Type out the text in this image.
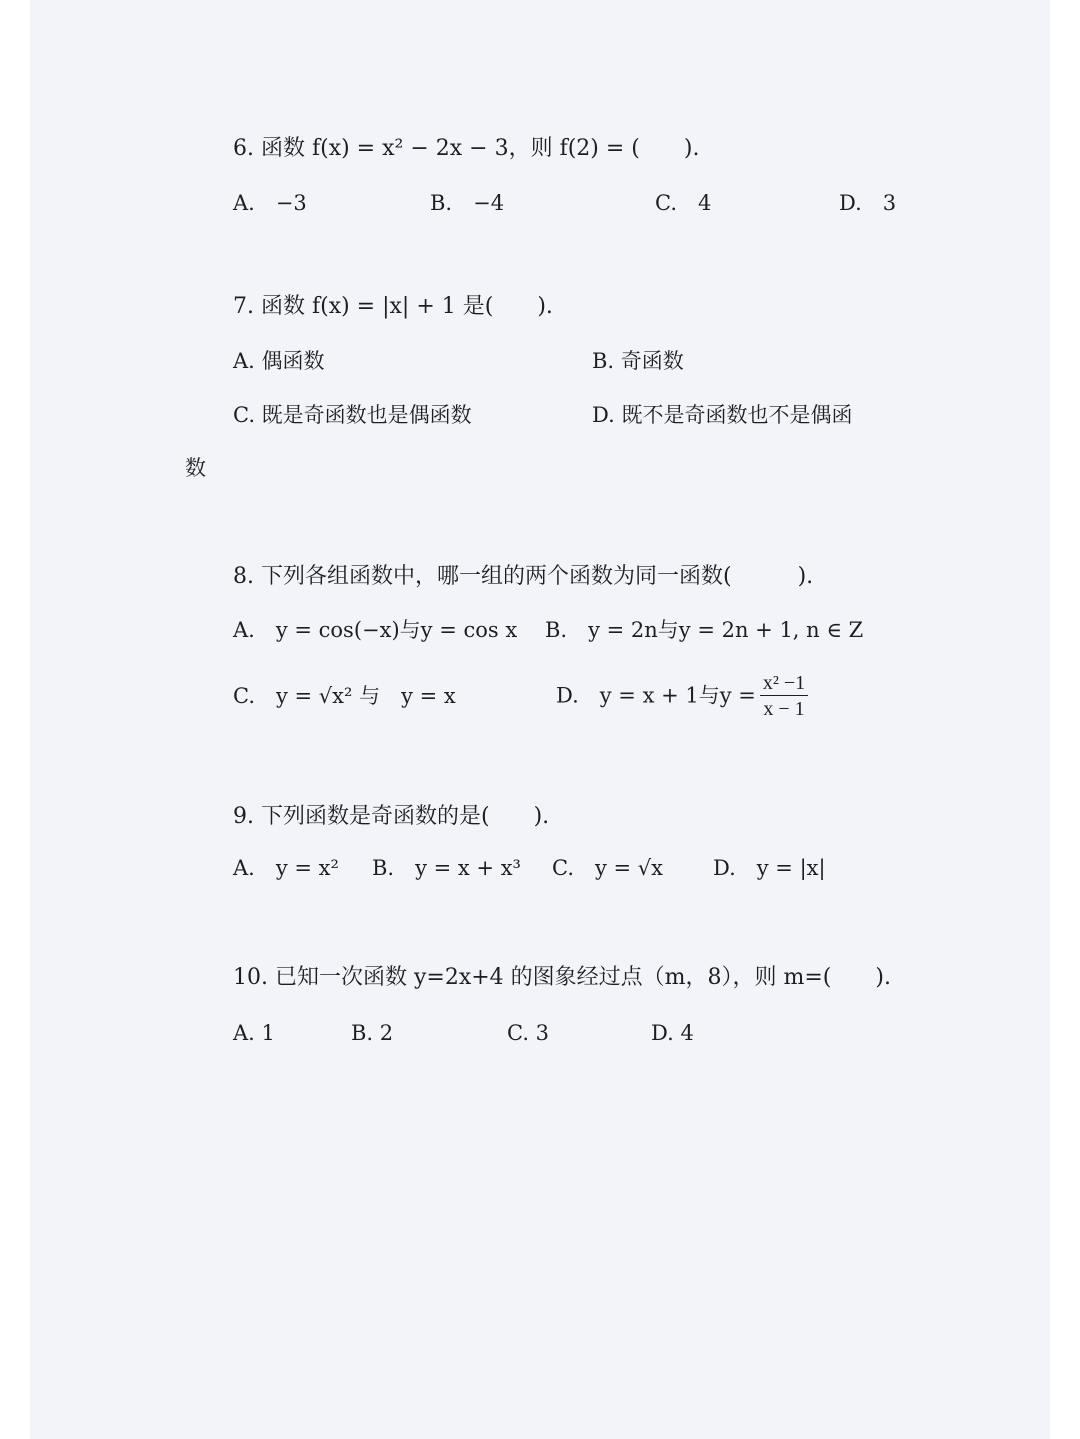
6. 函数 f(x) = x² − 2x − 3，则 f(2) = (　　).
A.　−3	B.　−4	C.　4	D.　3
7. 函数 f(x) = |x| + 1 是(　　).
A. 偶函数	B. 奇函数
C. 既是奇函数也是偶函数	D. 既不是奇函数也不是偶函
数
8. 下列各组函数中，哪一组的两个函数为同一函数(　　　).
A.　y = cos(−x)与y = cos x B.　y = 2n与y = 2n + 1, n ∈ Z
C.　y = √x² 与　y = x	D.　y = x + 1与$y = \frac{\text{x² −1}}{x - 1}$
9. 下列函数是奇函数的是(　　).
A.　y = x² B.　y = x + x³ C.　y = √x D.　y = |x|
10. 已知一次函数 y=2x+4 的图象经过点（m，8），则 m=(　　).
A. 1	B. 2	C. 3	D. 4
